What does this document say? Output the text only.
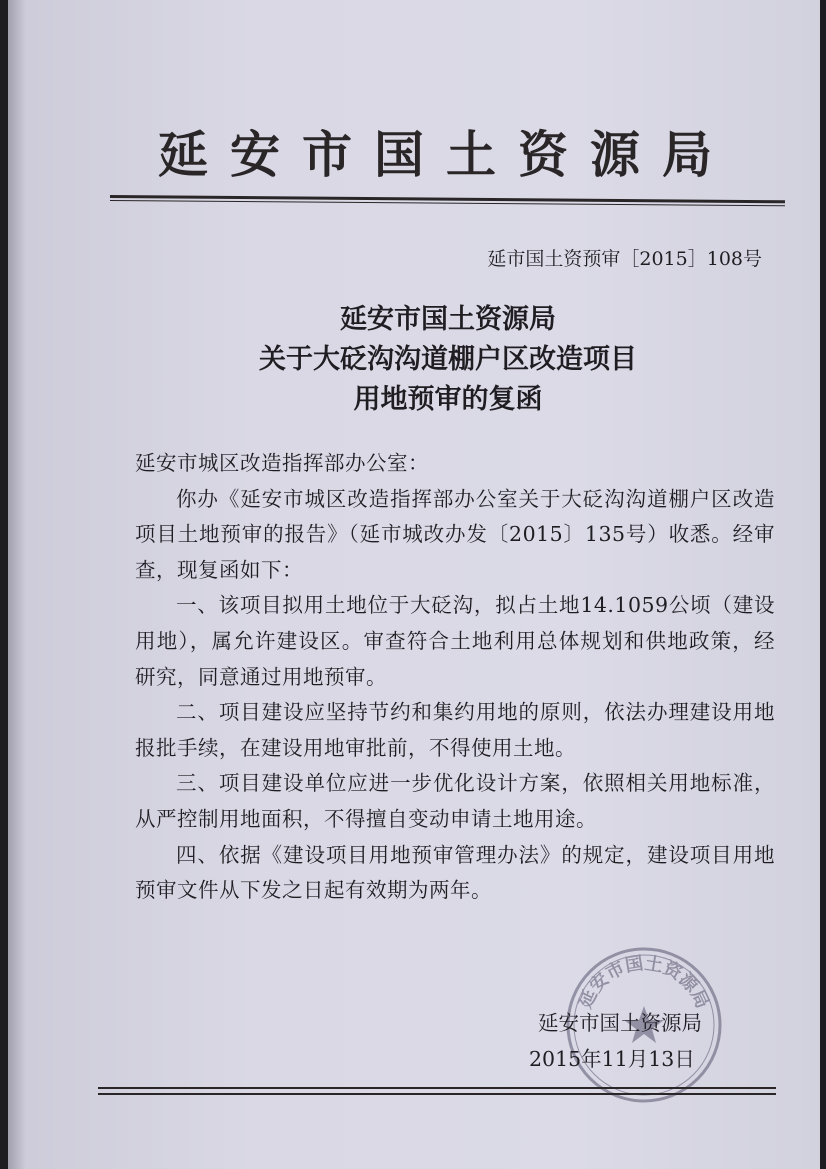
延安市国土资源局
延市国土资预审［2015］108号
延安市国土资源局
关于大砭沟沟道棚户区改造项目
用地预审的复函
延安市城区改造指挥部办公室：
你办《延安市城区改造指挥部办公室关于大砭沟沟道棚户区改造项目土地预审的报告》（延市城改办发〔2015〕135号）收悉。经审查，现复函如下：
一、该项目拟用土地位于大砭沟，拟占土地14.1059公顷（建设用地），属允许建设区。审查符合土地利用总体规划和供地政策，经研究，同意通过用地预审。
二、项目建设应坚持节约和集约用地的原则，依法办理建设用地报批手续，在建设用地审批前，不得使用土地。
三、项目建设单位应进一步优化设计方案，依照相关用地标准，从严控制用地面积，不得擅自变动申请土地用途。
四、依据《建设项目用地预审管理办法》的规定，建设项目用地预审文件从下发之日起有效期为两年。
延安市国土资源局
延安市国土资源局
2015年11月13日
